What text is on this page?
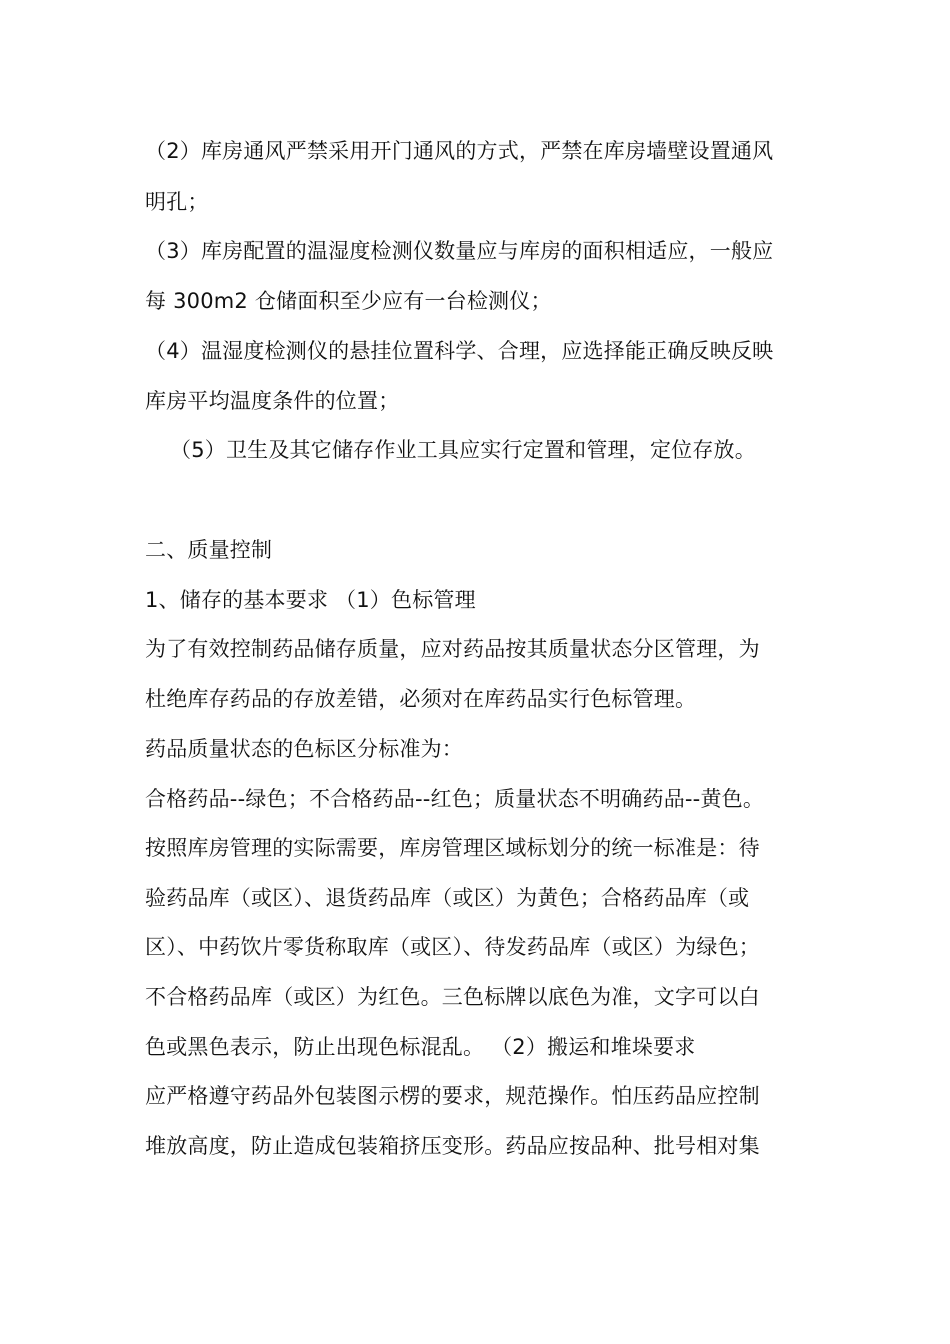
（2）库房通风严禁采用开门通风的方式，严禁在库房墙壁设置通风
明孔；
（3）库房配置的温湿度检测仪数量应与库房的面积相适应，一般应
每 300m2 仓储面积至少应有一台检测仪；
（4）温湿度检测仪的悬挂位置科学、合理，应选择能正确反映反映
库房平均温度条件的位置；
（5）卫生及其它储存作业工具应实行定置和管理，定位存放。
二、质量控制
1、储存的基本要求 （1）色标管理
为了有效控制药品储存质量，应对药品按其质量状态分区管理，为
杜绝库存药品的存放差错，必须对在库药品实行色标管理。
药品质量状态的色标区分标准为：
合格药品--绿色；不合格药品--红色；质量状态不明确药品--黄色。
按照库房管理的实际需要，库房管理区域标划分的统一标准是：待
验药品库（或区）、退货药品库（或区）为黄色；合格药品库（或
区）、中药饮片零货称取库（或区）、待发药品库（或区）为绿色；
不合格药品库（或区）为红色。三色标牌以底色为准，文字可以白
色或黑色表示，防止出现色标混乱。 （2）搬运和堆垛要求
应严格遵守药品外包装图示楞的要求，规范操作。怕压药品应控制
堆放高度，防止造成包装箱挤压变形。药品应按品种、批号相对集
